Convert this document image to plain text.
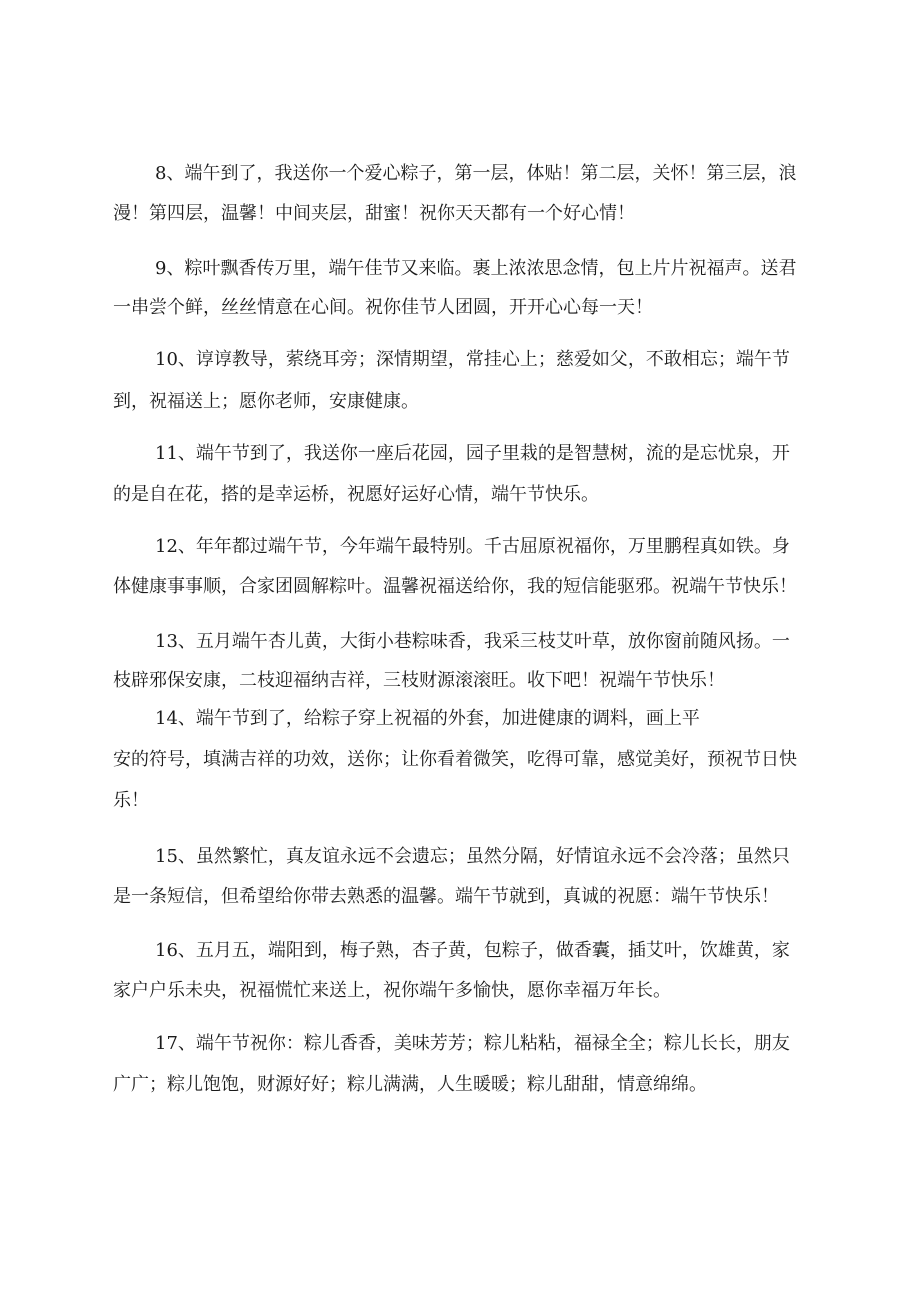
8、端午到了，我送你一个爱心粽子，第一层，体贴！第二层，关怀！第三层，浪
漫！第四层，温馨！中间夹层，甜蜜！祝你天天都有一个好心情！
9、粽叶飘香传万里，端午佳节又来临。裹上浓浓思念情，包上片片祝福声。送君
一串尝个鲜，丝丝情意在心间。祝你佳节人团圆，开开心心每一天！
10、谆谆教导，萦绕耳旁；深情期望，常挂心上；慈爱如父，不敢相忘；端午节
到，祝福送上；愿你老师，安康健康。
11、端午节到了，我送你一座后花园，园子里栽的是智慧树，流的是忘忧泉，开
的是自在花，搭的是幸运桥，祝愿好运好心情，端午节快乐。
12、年年都过端午节，今年端午最特别。千古屈原祝福你，万里鹏程真如铁。身
体健康事事顺，合家团圆解粽叶。温馨祝福送给你，我的短信能驱邪。祝端午节快乐！
13、五月端午杏儿黄，大街小巷粽味香，我采三枝艾叶草，放你窗前随风扬。一
枝辟邪保安康，二枝迎福纳吉祥，三枝财源滚滚旺。收下吧！祝端午节快乐！
14、端午节到了，给粽子穿上祝福的外套，加进健康的调料，画上平
安的符号，填满吉祥的功效，送你；让你看着微笑，吃得可靠，感觉美好，预祝节日快
乐！
15、虽然繁忙，真友谊永远不会遗忘；虽然分隔，好情谊永远不会冷落；虽然只
是一条短信，但希望给你带去熟悉的温馨。端午节就到，真诚的祝愿：端午节快乐！
16、五月五，端阳到，梅子熟，杏子黄，包粽子，做香囊，插艾叶，饮雄黄，家
家户户乐未央，祝福慌忙来送上，祝你端午多愉快，愿你幸福万年长。
17、端午节祝你：粽儿香香，美味芳芳；粽儿粘粘，福禄全全；粽儿长长，朋友
广广；粽儿饱饱，财源好好；粽儿满满，人生暖暖；粽儿甜甜，情意绵绵。
